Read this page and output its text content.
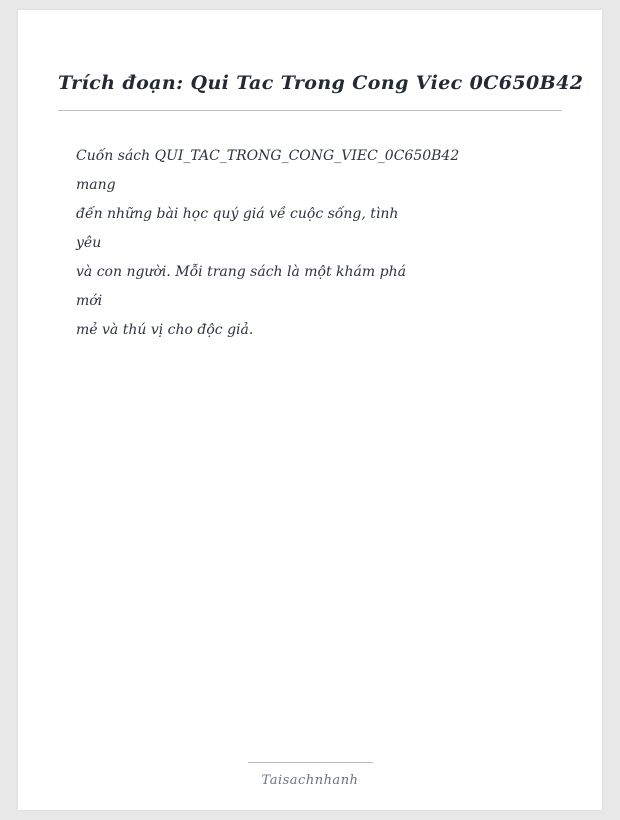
Trích đoạn: Qui Tac Trong Cong Viec 0C650B42
Cuốn sách QUI_TAC_TRONG_CONG_VIEC_0C650B42
mang
đến những bài học quý giá về cuộc sống, tình
yêu
và con người. Mỗi trang sách là một khám phá
mới
mẻ và thú vị cho độc giả.
Taisachnhanh
